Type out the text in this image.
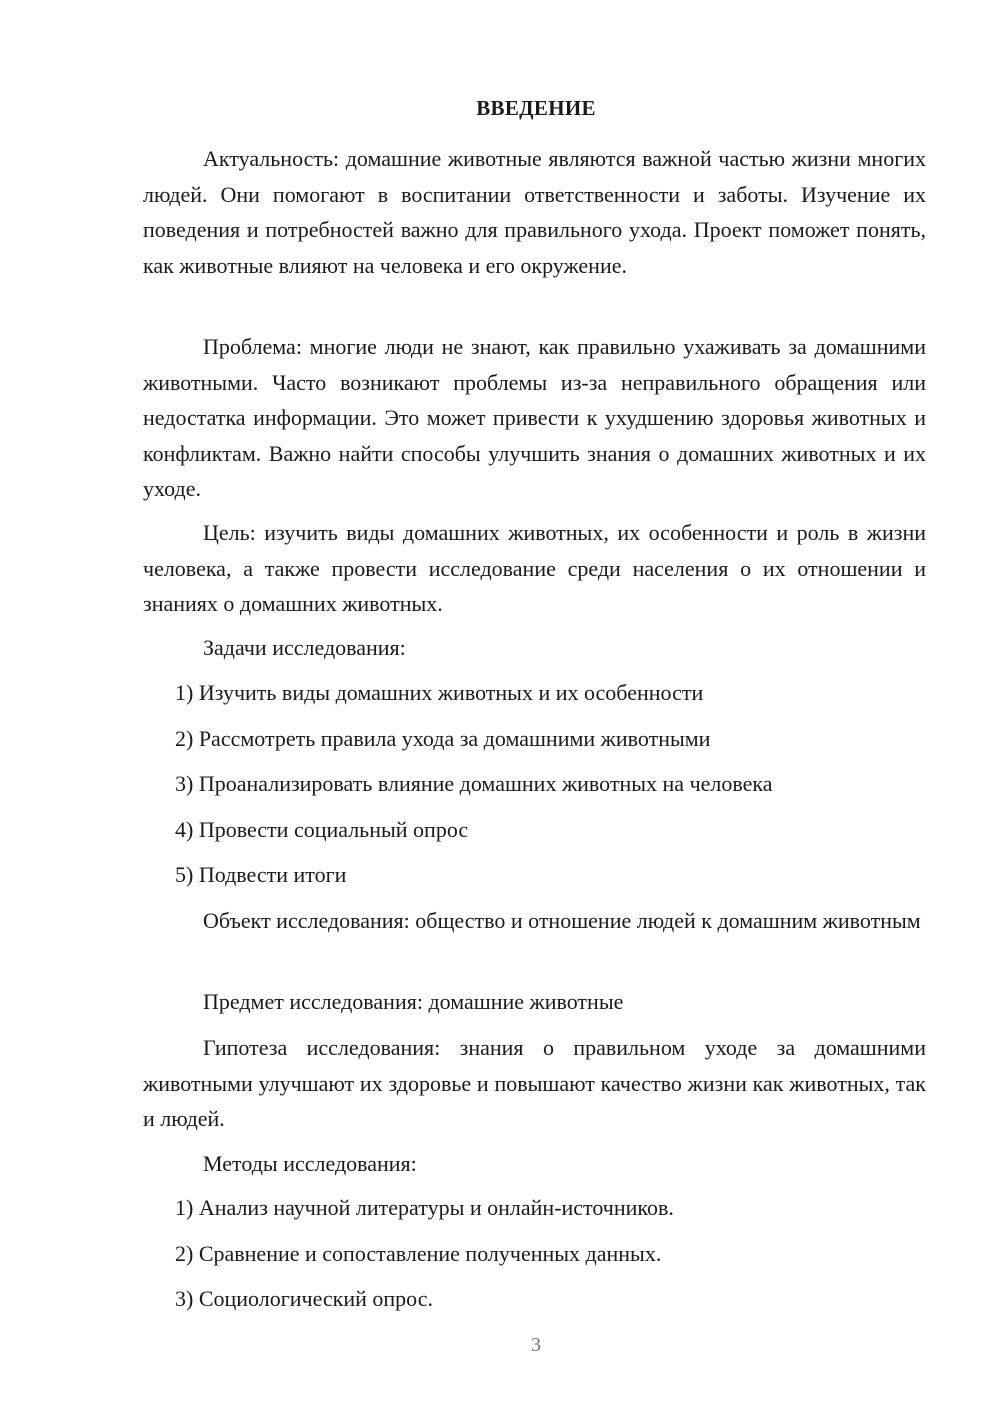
ВВЕДЕНИЕ

Актуальность: домашние животные являются важной частью жизни многих людей. Они помогают в воспитании ответственности и заботы. Изучение их поведения и потребностей важно для правильного ухода. Проект поможет понять, как животные влияют на человека и его окружение.

Проблема: многие люди не знают, как правильно ухаживать за домашними животными. Часто возникают проблемы из-за неправильного обращения или недостатка информации. Это может привести к ухудшению здоровья животных и конфликтам. Важно найти способы улучшить знания о домашних животных и их уходе.

Цель: изучить виды домашних животных, их особенности и роль в жизни человека, а также провести исследование среди населения о их отношении и знаниях о домашних животных.

Задачи исследования:

1) Изучить виды домашних животных и их особенности

2) Рассмотреть правила ухода за домашними животными

3) Проанализировать влияние домашних животных на человека

4) Провести социальный опрос

5) Подвести итоги

Объект исследования: общество и отношение людей к домашним животным

Предмет исследования: домашние животные

Гипотеза исследования: знания о правильном уходе за домашними животными улучшают их здоровье и повышают качество жизни как животных, так и людей.

Методы исследования:

1) Анализ научной литературы и онлайн-источников.

2) Сравнение и сопоставление полученных данных.

3) Социологический опрос.

3
